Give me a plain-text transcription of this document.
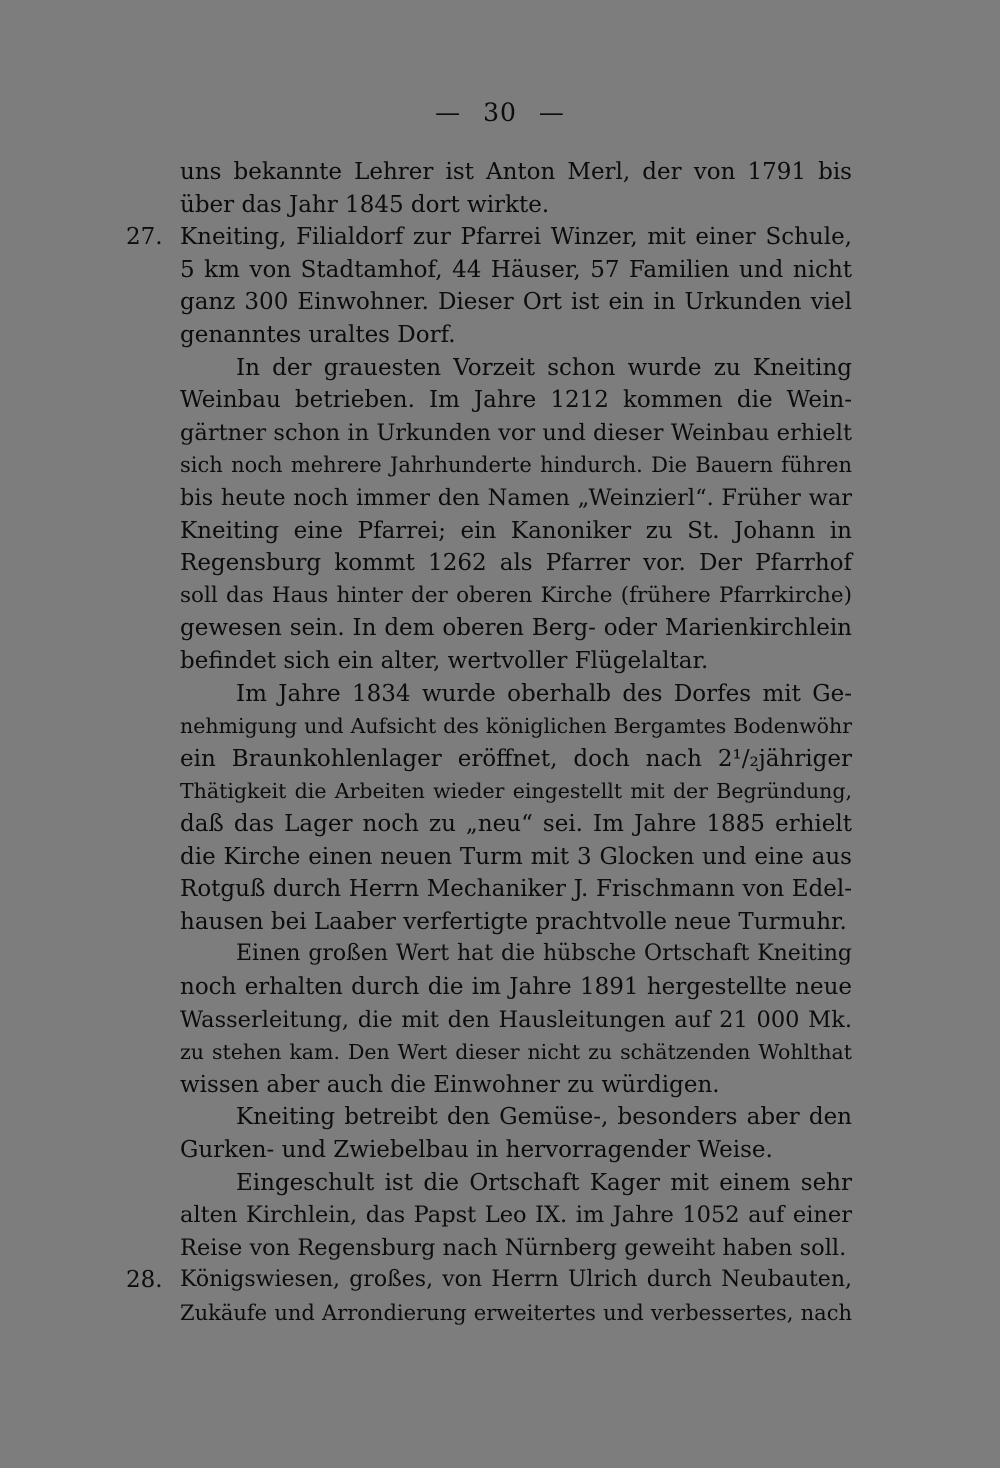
— 30 —
uns bekannte Lehrer ist Anton Merl, der von 1791 bis
über das Jahr 1845 dort wirkte.
27. Kneiting, Filialdorf zur Pfarrei Winzer, mit einer Schule,
5 km von Stadtamhof, 44 Häuser, 57 Familien und nicht
ganz 300 Einwohner. Dieser Ort ist ein in Urkunden viel
genanntes uraltes Dorf.
In der grauesten Vorzeit schon wurde zu Kneiting
Weinbau betrieben. Im Jahre 1212 kommen die Wein-
gärtner schon in Urkunden vor und dieser Weinbau erhielt
sich noch mehrere Jahrhunderte hindurch. Die Bauern führen
bis heute noch immer den Namen „Weinzierl“. Früher war
Kneiting eine Pfarrei; ein Kanoniker zu St. Johann in
Regensburg kommt 1262 als Pfarrer vor. Der Pfarrhof
soll das Haus hinter der oberen Kirche (frühere Pfarrkirche)
gewesen sein. In dem oberen Berg- oder Marienkirchlein
befindet sich ein alter, wertvoller Flügelaltar.
Im Jahre 1834 wurde oberhalb des Dorfes mit Ge-
nehmigung und Aufsicht des königlichen Bergamtes Bodenwöhr
ein Braunkohlenlager eröffnet, doch nach 2¹/₂jähriger
Thätigkeit die Arbeiten wieder eingestellt mit der Begründung,
daß das Lager noch zu „neu“ sei. Im Jahre 1885 erhielt
die Kirche einen neuen Turm mit 3 Glocken und eine aus
Rotguß durch Herrn Mechaniker J. Frischmann von Edel-
hausen bei Laaber verfertigte prachtvolle neue Turmuhr.
Einen großen Wert hat die hübsche Ortschaft Kneiting
noch erhalten durch die im Jahre 1891 hergestellte neue
Wasserleitung, die mit den Hausleitungen auf 21 000 Mk.
zu stehen kam. Den Wert dieser nicht zu schätzenden Wohlthat
wissen aber auch die Einwohner zu würdigen.
Kneiting betreibt den Gemüse-, besonders aber den
Gurken- und Zwiebelbau in hervorragender Weise.
Eingeschult ist die Ortschaft Kager mit einem sehr
alten Kirchlein, das Papst Leo IX. im Jahre 1052 auf einer
Reise von Regensburg nach Nürnberg geweiht haben soll.
28. Königswiesen, großes, von Herrn Ulrich durch Neubauten,
Zukäufe und Arrondierung erweitertes und verbessertes, nach
